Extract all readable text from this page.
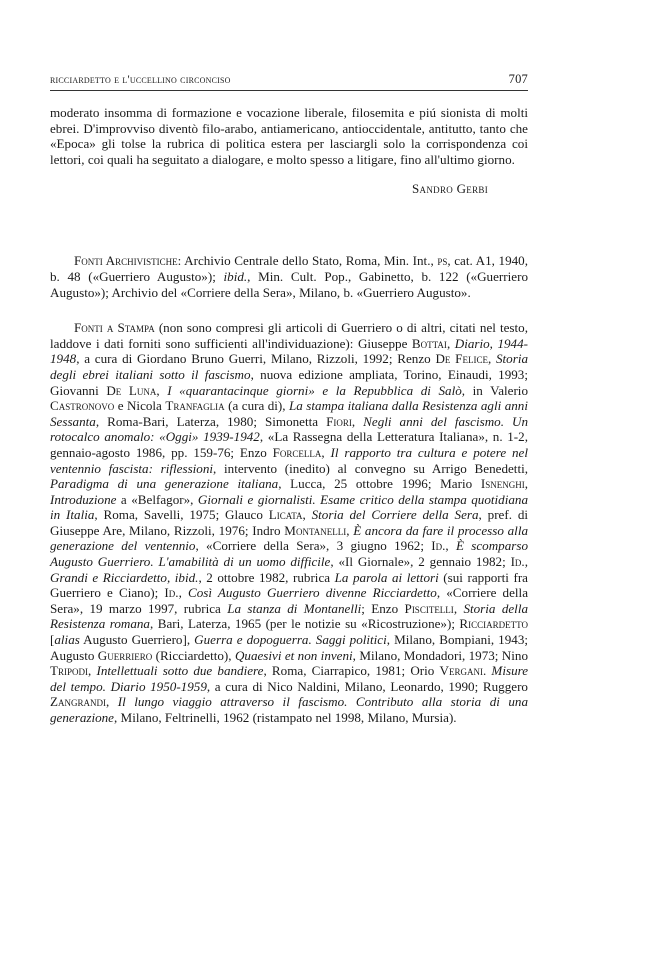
ricciardetto e l'uccellino circonciso	707

moderato insomma di formazione e vocazione liberale, filosemita e piú sionista di molti ebrei. D'improvviso diventò filo-arabo, antiamericano, antioccidentale, antitutto, tanto che «Epoca» gli tolse la rubrica di politica estera per lasciargli solo la corrispondenza coi lettori, coi quali ha seguitato a dialogare, e molto spesso a litigare, fino all'ultimo giorno.

Sandro Gerbi

Fonti Archivistiche: Archivio Centrale dello Stato, Roma, Min. Int., ps, cat. A1, 1940, b. 48 («Guerriero Augusto»); ibid., Min. Cult. Pop., Gabinetto, b. 122 («Guerriero Augusto»); Archivio del «Corriere della Sera», Milano, b. «Guerriero Augusto».

Fonti a Stampa (non sono compresi gli articoli di Guerriero o di altri, citati nel testo, laddove i dati forniti sono sufficienti all'individuazione): Giuseppe Bottai, Diario, 1944-1948, a cura di Giordano Bruno Guerri, Milano, Rizzoli, 1992; Renzo De Felice, Storia degli ebrei italiani sotto il fascismo, nuova edizione ampliata, Torino, Einaudi, 1993; Giovanni De Luna, I «quarantacinque giorni» e la Repubblica di Salò, in Valerio Castronovo e Nicola Tranfaglia (a cura di), La stampa italiana dalla Resistenza agli anni Sessanta, Roma-Bari, Laterza, 1980; Simonetta Fiori, Negli anni del fascismo. Un rotocalco anomalo: «Oggi» 1939-1942, «La Rassegna della Letteratura Italiana», n. 1-2, gennaio-agosto 1986, pp. 159-76; Enzo Forcella, Il rapporto tra cultura e potere nel ventennio fascista: riflessioni, intervento (inedito) al convegno su Arrigo Benedetti, Paradigma di una generazione italiana, Lucca, 25 ottobre 1996; Mario Isnenghi, Introduzione a «Belfagor», Giornali e giornalisti. Esame critico della stampa quotidiana in Italia, Roma, Savelli, 1975; Glauco Licata, Storia del Corriere della Sera, pref. di Giuseppe Are, Milano, Rizzoli, 1976; Indro Montanelli, È ancora da fare il processo alla generazione del ventennio, «Corriere della Sera», 3 giugno 1962; Id., È scomparso Augusto Guerriero. L'amabilità di un uomo difficile, «Il Giornale», 2 gennaio 1982; Id., Grandi e Ricciardetto, ibid., 2 ottobre 1982, rubrica La parola ai lettori (sui rapporti fra Guerriero e Ciano); Id., Così Augusto Guerriero divenne Ricciardetto, «Corriere della Sera», 19 marzo 1997, rubrica La stanza di Montanelli; Enzo Piscitelli, Storia della Resistenza romana, Bari, Laterza, 1965 (per le notizie su «Ricostruzione»); Ricciardetto [alias Augusto Guerriero], Guerra e dopoguerra. Saggi politici, Milano, Bompiani, 1943; Augusto Guerriero (Ricciardetto), Quaesivi et non inveni, Milano, Mondadori, 1973; Nino Tripodi, Intellettuali sotto due bandiere, Roma, Ciarrapico, 1981; Orio Vergani. Misure del tempo. Diario 1950-1959, a cura di Nico Naldini, Milano, Leonardo, 1990; Ruggero Zangrandi, Il lungo viaggio attraverso il fascismo. Contributo alla storia di una generazione, Milano, Feltrinelli, 1962 (ristampato nel 1998, Milano, Mursia).
